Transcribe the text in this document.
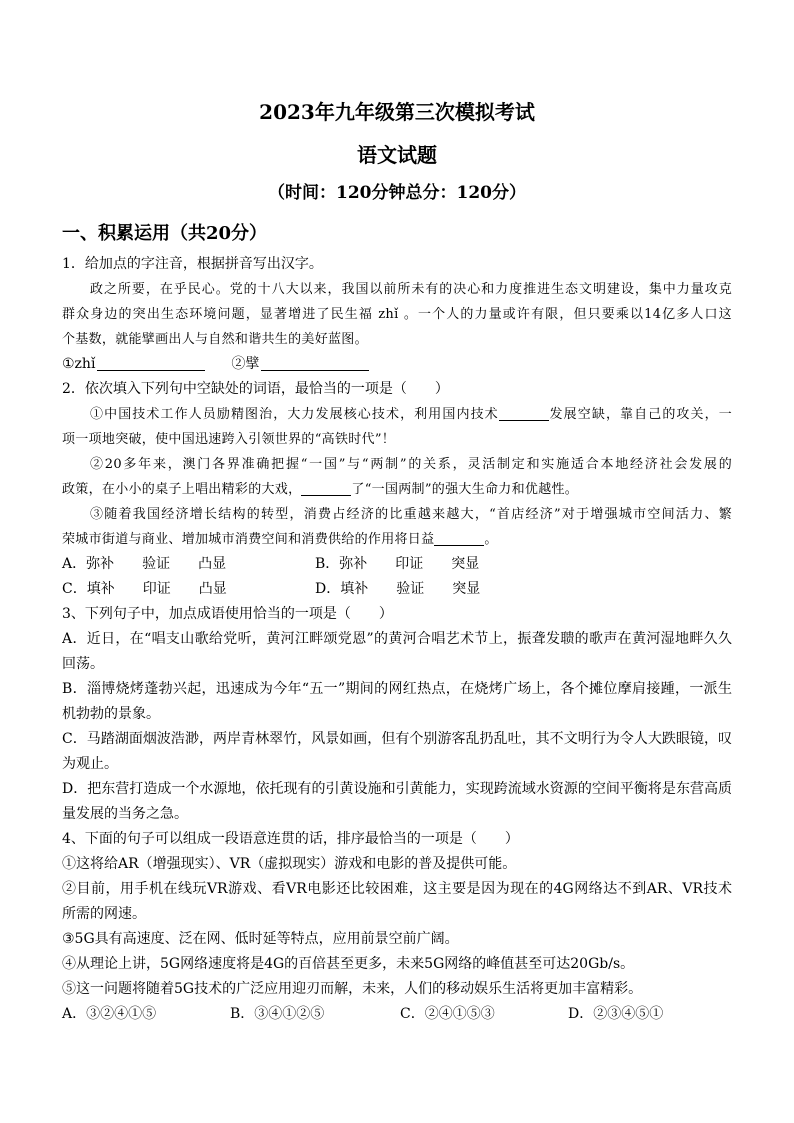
2023年九年级第三次模拟考试
语文试题
（时间：120分钟总分：120分）
一、积累运用（共20分）
1．给加点的字注音，根据拼音写出汉字。
政之所要，在乎民心。党的十八大以来，我国以前所未有的决心和力度推进生态文明建设，集中力量攻克
群众身边的突出生态环境问题，显著增进了民生福 zhǐ 。一个人的力量或许有限，但只要乘以14亿多人口这
个基数，就能擘画出人与自然和谐共生的美好蓝图。
①zhǐ	②擘
2．依次填入下列句中空缺处的词语，最恰当的一项是（　　）
①中国技术工作人员励精图治，大力发展核心技术，利用国内技术	发展空缺，靠自己的攻关，一
项一项地突破，使中国迅速跨入引领世界的“高铁时代”！
②20多年来，澳门各界准确把握“一国”与“两制”的关系，灵活制定和实施适合本地经济社会发展的
政策，在小小的桌子上唱出精彩的大戏，	了“一国两制”的强大生命力和优越性。
③随着我国经济增长结构的转型，消费占经济的比重越来越大，“首店经济”对于增强城市空间活力、繁
荣城市街道与商业、增加城市消费空间和消费供给的作用将日益	。
A．弥补　　验证　　凸显	B．弥补　　印证　　突显
C．填补　　印证　　凸显	D．填补　　验证　　突显
3、下列句子中，加点成语使用恰当的一项是（　　）
A．近日，在“唱支山歌给党听，黄河江畔颂党恩”的黄河合唱艺术节上，振聋发聩的歌声在黄河湿地畔久久
回荡。
B．淄博烧烤蓬勃兴起，迅速成为今年“五一”期间的网红热点，在烧烤广场上，各个摊位摩肩接踵，一派生
机勃勃的景象。
C．马踏湖面烟波浩渺，两岸青林翠竹，风景如画，但有个别游客乱扔乱吐，其不文明行为令人大跌眼镜，叹
为观止。
D．把东营打造成一个水源地，依托现有的引黄设施和引黄能力，实现跨流域水资源的空间平衡将是东营高质
量发展的当务之急。
4、下面的句子可以组成一段语意连贯的话，排序最恰当的一项是（　　）
①这将给AR（增强现实）、VR（虚拟现实）游戏和电影的普及提供可能。
②目前，用手机在线玩VR游戏、看VR电影还比较困难，这主要是因为现在的4G网络达不到AR、VR技术
所需的网速。
③5G具有高速度、泛在网、低时延等特点，应用前景空前广阔。
④从理论上讲，5G网络速度将是4G的百倍甚至更多，未来5G网络的峰值甚至可达20Gb/s。
⑤这一问题将随着5G技术的广泛应用迎刃而解，未来，人们的移动娱乐生活将更加丰富精彩。
A．③②④①⑤	B．③④①②⑤	C．②④①⑤③	D．②③④⑤①
